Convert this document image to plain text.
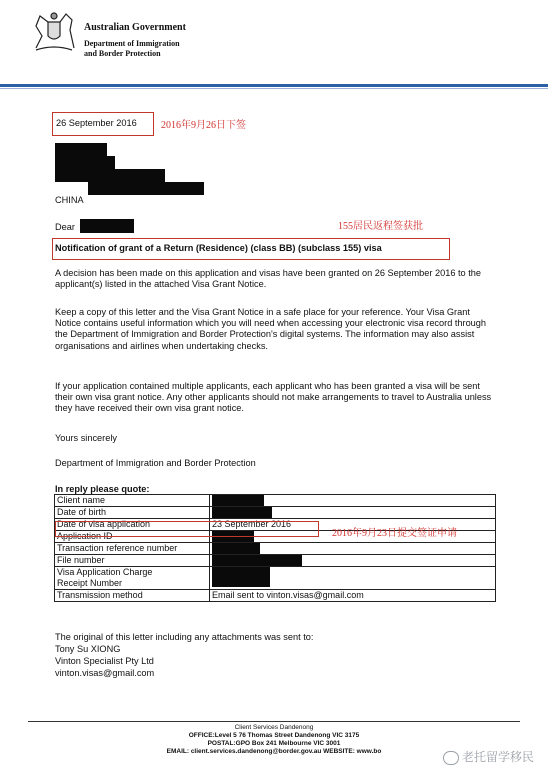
Australian Government
Department of Immigration
and Border Protection
26 September 2016 2016年9月26日下签
CHINA
Dear	155居民返程签获批
Notification of grant of a Return (Residence) (class BB) (subclass 155) visa
A decision has been made on this application and visas have been granted on 26 September 2016 to the applicant(s) listed in the attached Visa Grant Notice.
Keep a copy of this letter and the Visa Grant Notice in a safe place for your reference. Your Visa Grant Notice contains useful information which you will need when accessing your electronic visa record through the Department of Immigration and Border Protection's digital systems. The information may also assist organisations and airlines when undertaking checks.
If your application contained multiple applicants, each applicant who has been granted a visa will be sent their own visa grant notice. Any other applicants should not make arrangements to travel to Australia unless they have received their own visa grant notice.
Yours sincerely
Department of Immigration and Border Protection
In reply please quote:
Client name	
Date of birth	
Date of visa application	23 September 2016
Application ID	
Transaction reference number	
File number	

Visa Application Charge
Receipt Number	

Transmission method	Email sent to vinton.visas@gmail.com
2016年9月23日提交签证申请
The original of this letter including any attachments was sent to:
Tony Su XIONG
Vinton Specialist Pty Ltd
vinton.visas@gmail.com
Client Services Dandenong
OFFICE:Level 5 76 Thomas Street Dandenong VIC 3175
POSTAL:GPO Box 241 Melbourne VIC 3001
EMAIL: client.services.dandenong@border.gov.au WEBSITE: www.bo	老托留学移民
